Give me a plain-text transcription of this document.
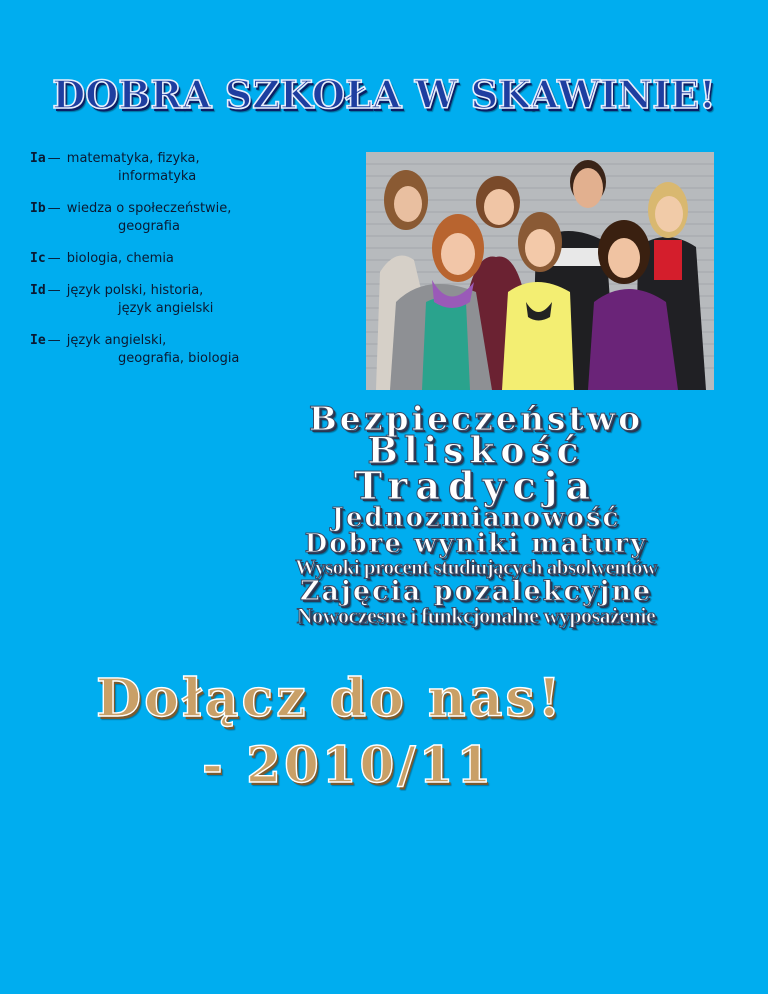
DOBRA SZKOŁA W SKAWINIE!
Ia — matematyka, fizyka,
informatyka
Ib — wiedza o społeczeństwie,
geografia
Ic — biologia, chemia
Id — język polski, historia,
język angielski
Ie — język angielski,
geografia, biologia
Bezpieczeństwo
Bliskość
Tradycja
Jednozmianowość
Dobre wyniki matury
Wysoki procent studiujących absolwentów
Zajęcia pozalekcyjne
Nowoczesne i funkcjonalne wyposażenie
Dołącz do nas!
- 2010/11
